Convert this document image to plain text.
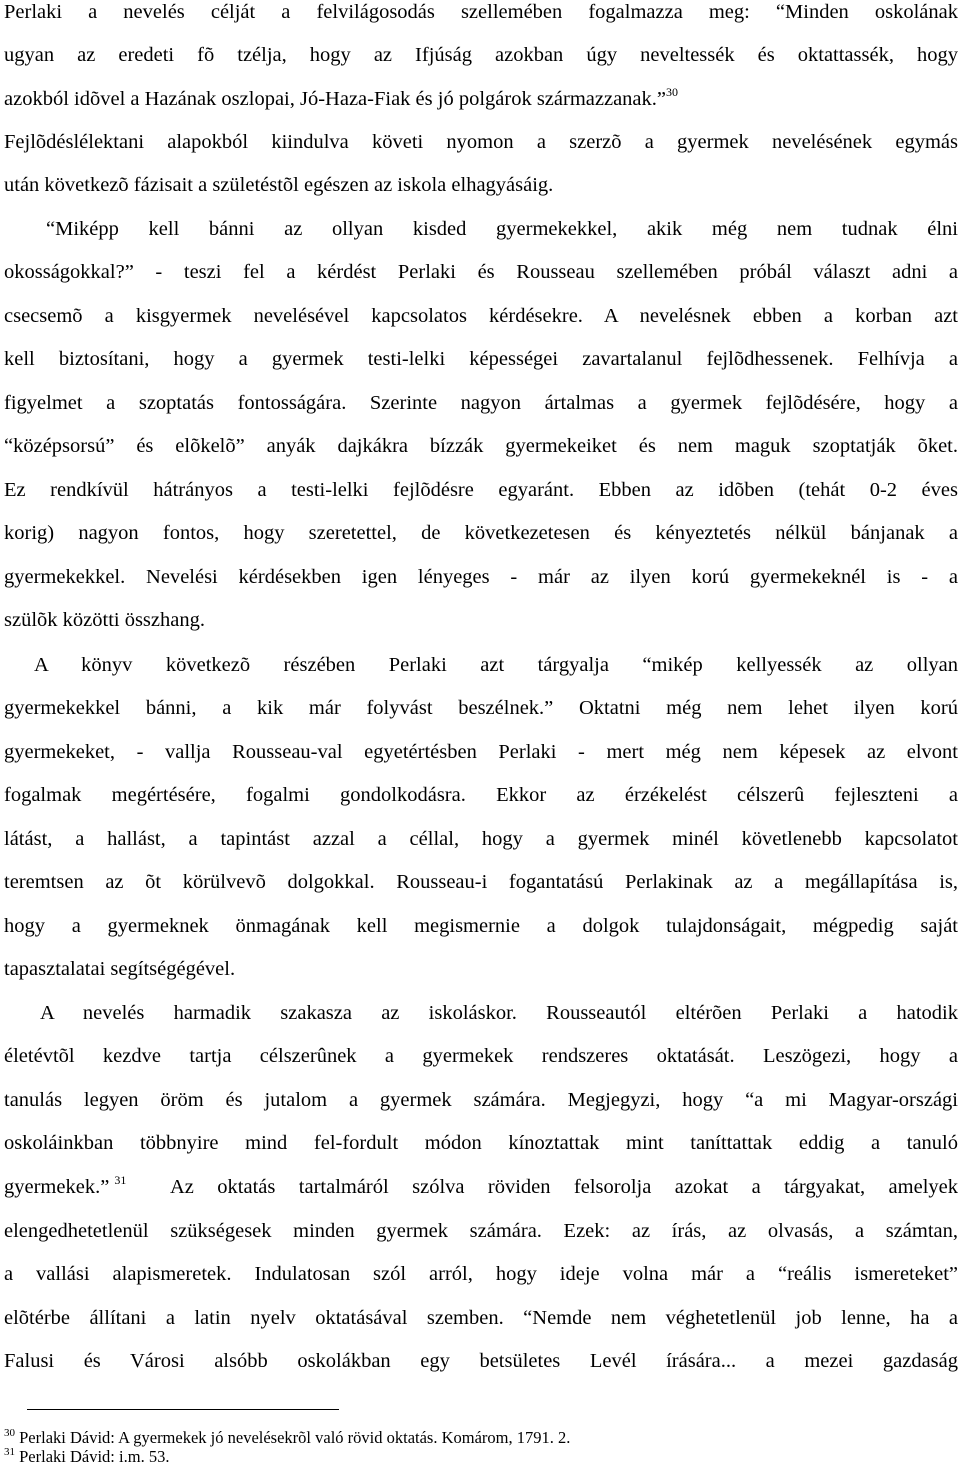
Perlaki a nevelés célját a felvilágosodás szellemében fogalmazza meg: “Minden oskolának
ugyan az eredeti fõ tzélja, hogy az Ifjúság azokban úgy neveltessék és oktattassék, hogy
azokból idõvel a Hazának oszlopai, Jó-Haza-Fiak és jó polgárok származzanak.”$^{30}$
Fejlõdéslélektani alapokból kiindulva követi nyomon a szerzõ a gyermek nevelésének egymás
után következõ fázisait a születéstõl egészen az iskola elhagyásáig.
“Miképp kell bánni az ollyan kisded gyermekekkel, akik még nem tudnak élni
okosságokkal?” - teszi fel a kérdést Perlaki és Rousseau szellemében próbál választ adni a
csecsemõ a kisgyermek nevelésével kapcsolatos kérdésekre. A nevelésnek ebben a korban azt
kell biztosítani, hogy a gyermek testi-lelki képességei zavartalanul fejlõdhessenek. Felhívja a
figyelmet a szoptatás fontosságára. Szerinte nagyon ártalmas a gyermek fejlõdésére, hogy a
“középsorsú” és elõkelõ” anyák dajkákra bízzák gyermekeiket és nem maguk szoptatják õket.
Ez rendkívül hátrányos a testi-lelki fejlõdésre egyaránt. Ebben az idõben (tehát 0-2 éves
korig) nagyon fontos, hogy szeretettel, de következetesen és kényeztetés nélkül bánjanak a
gyermekekkel. Nevelési kérdésekben igen lényeges - már az ilyen korú gyermekeknél is - a
szülõk közötti összhang.
A könyv következõ részében Perlaki azt tárgyalja “mikép kellyessék az ollyan
gyermekekkel bánni, a kik már folyvást beszélnek.” Oktatni még nem lehet ilyen korú
gyermekeket, - vallja Rousseau-val egyetértésben Perlaki - mert még nem képesek az elvont
fogalmak megértésére, fogalmi gondolkodásra. Ekkor az érzékelést célszerû fejleszteni a
látást, a hallást, a tapintást azzal a céllal, hogy a gyermek minél követlenebb kapcsolatot
teremtsen az õt körülvevõ dolgokkal. Rousseau-i fogantatású Perlakinak az a megállapítása is,
hogy a gyermeknek önmagának kell megismernie a dolgok tulajdonságait, mégpedig saját
tapasztalatai segítségégével.
A nevelés harmadik szakasza az iskoláskor. Rousseautól eltérõen Perlaki a hatodik
életévtõl kezdve tartja célszerûnek a gyermekek rendszeres oktatását. Leszögezi, hogy a
tanulás legyen öröm és jutalom a gyermek számára. Megjegyzi, hogy “a mi Magyar-országi
oskoláinkban többnyire mind fel-fordult módon kínoztattak mint taníttattak eddig a tanuló
gyermekek.” $^{31}$	Az oktatás tartalmáról szólva röviden felsorolja azokat a tárgyakat, amelyek
elengedhetetlenül szükségesek minden gyermek számára. Ezek: az írás, az olvasás, a számtan,
a vallási alapismeretek. Indulatosan szól arról, hogy ideje volna már a “reális ismereteket”
elõtérbe állítani a latin nyelv oktatásával szemben. “Nemde nem véghetetlenül job lenne, ha a
Falusi és Városi alsóbb oskolákban egy betsületes Levél írására... a mezei gazdaság
$^{30}$ Perlaki Dávid: A gyermekek jó nevelésekrõl való rövid oktatás. Komárom, 1791. 2.
$^{31}$ Perlaki Dávid: i.m. 53.
